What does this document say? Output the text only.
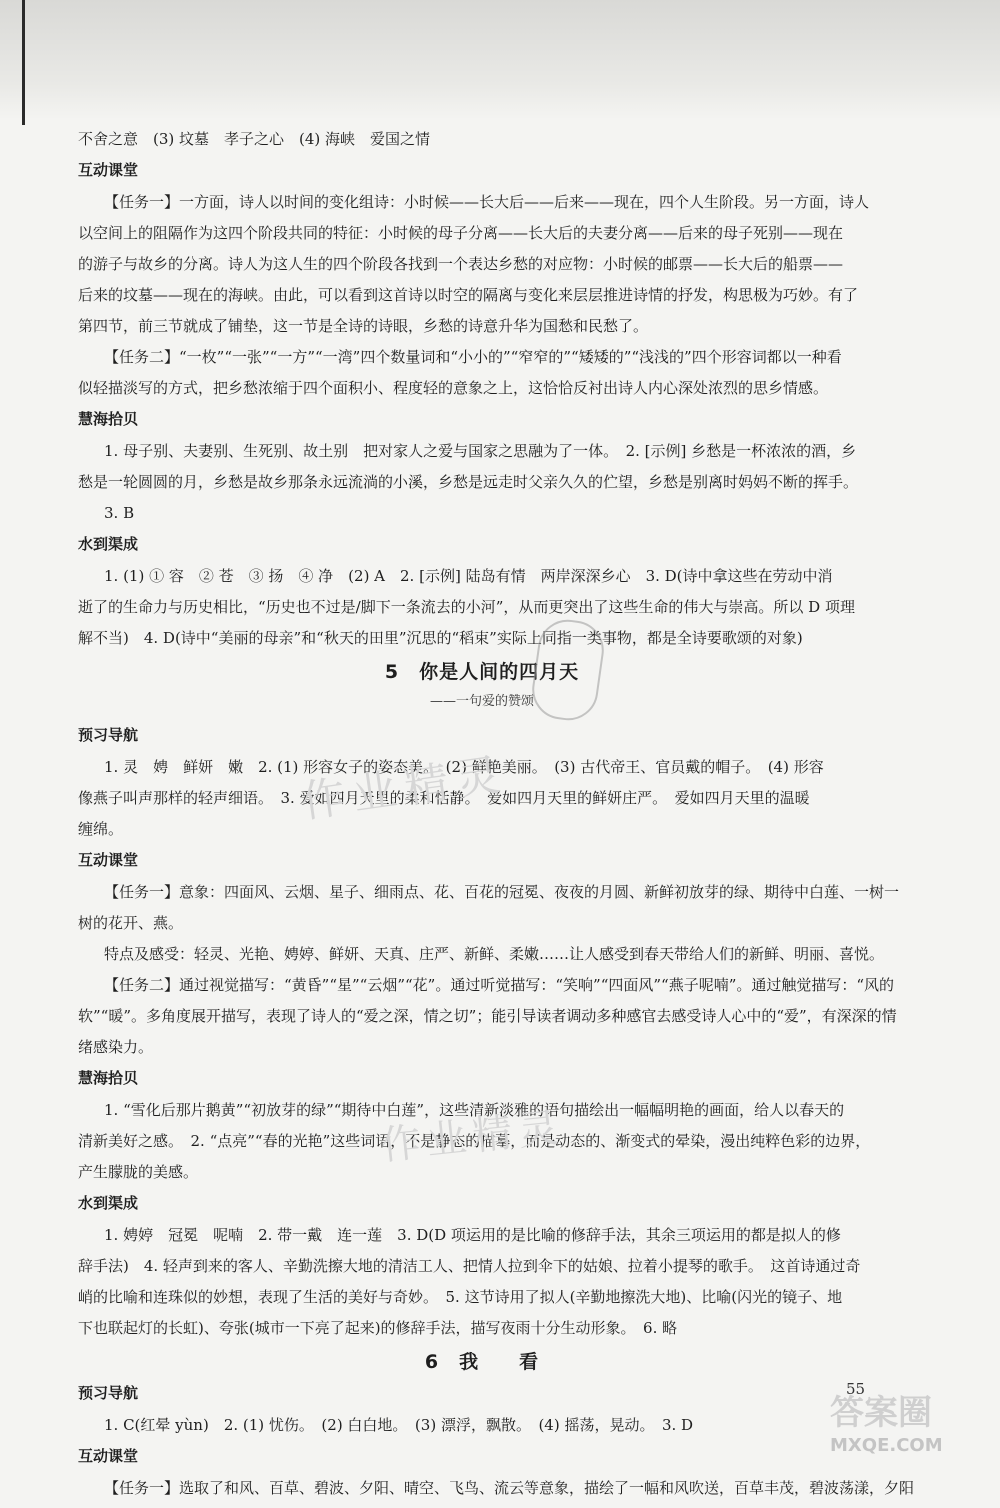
不舍之意　(3) 坟墓　孝子之心　(4) 海峡　爱国之情
互动课堂
【任务一】一方面，诗人以时间的变化组诗：小时候——长大后——后来——现在，四个人生阶段。另一方面，诗人
以空间上的阻隔作为这四个阶段共同的特征：小时候的母子分离——长大后的夫妻分离——后来的母子死别——现在
的游子与故乡的分离。诗人为这人生的四个阶段各找到一个表达乡愁的对应物：小时候的邮票——长大后的船票——
后来的坟墓——现在的海峡。由此，可以看到这首诗以时空的隔离与变化来层层推进诗情的抒发，构思极为巧妙。有了
第四节，前三节就成了铺垫，这一节是全诗的诗眼，乡愁的诗意升华为国愁和民愁了。
【任务二】“一枚”“一张”“一方”“一湾”四个数量词和“小小的”“窄窄的”“矮矮的”“浅浅的”四个形容词都以一种看
似轻描淡写的方式，把乡愁浓缩于四个面积小、程度轻的意象之上，这恰恰反衬出诗人内心深处浓烈的思乡情感。
慧海拾贝
1. 母子别、夫妻别、生死别、故土别　把对家人之爱与国家之思融为了一体。　2. [示例] 乡愁是一杯浓浓的酒，乡
愁是一轮圆圆的月，乡愁是故乡那条永远流淌的小溪，乡愁是远走时父亲久久的伫望，乡愁是别离时妈妈不断的挥手。
3. B
水到渠成
1. (1) ① 容　② 苍　③ 扬　④ 净　(2) A　2. [示例] 陆岛有情　两岸深深乡心　3. D(诗中拿这些在劳动中消
逝了的生命力与历史相比，“历史也不过是/脚下一条流去的小河”，从而更突出了这些生命的伟大与崇高。所以 D 项理
解不当)　4. D(诗中“美丽的母亲”和“秋天的田里”沉思的“稻束”实际上同指一类事物，都是全诗要歌颂的对象)
5　你是人间的四月天
——一句爱的赞颂
预习导航
1. 灵　娉　鲜妍　嫩　2. (1) 形容女子的姿态美。　(2) 鲜艳美丽。　(3) 古代帝王、官员戴的帽子。　(4) 形容
像燕子叫声那样的轻声细语。　3. 爱如四月天里的柔和恬静。　爱如四月天里的鲜妍庄严。　爱如四月天里的温暖
缠绵。
互动课堂
【任务一】意象：四面风、云烟、星子、细雨点、花、百花的冠冕、夜夜的月圆、新鲜初放芽的绿、期待中白莲、一树一
树的花开、燕。
特点及感受：轻灵、光艳、娉婷、鲜妍、天真、庄严、新鲜、柔嫩……让人感受到春天带给人们的新鲜、明丽、喜悦。
【任务二】通过视觉描写：“黄昏”“星”“云烟”“花”。通过听觉描写：“笑响”“四面风”“燕子呢喃”。通过触觉描写：“风的
软”“暖”。多角度展开描写，表现了诗人的“爱之深，情之切”；能引导读者调动多种感官去感受诗人心中的“爱”，有深深的情
绪感染力。
慧海拾贝
1. “雪化后那片鹅黄”“初放芽的绿”“期待中白莲”，这些清新淡雅的语句描绘出一幅幅明艳的画面，给人以春天的
清新美好之感。　2. “点亮”“春的光艳”这些词语，不是静态的描摹，而是动态的、渐变式的晕染，漫出纯粹色彩的边界，
产生朦胧的美感。
水到渠成
1. 娉婷　冠冕　呢喃　2. 带一戴　连一莲　3. D(D 项运用的是比喻的修辞手法，其余三项运用的都是拟人的修
辞手法)　4. 轻声到来的客人、辛勤洗擦大地的清洁工人、把情人拉到伞下的姑娘、拉着小提琴的歌手。　这首诗通过奇
峭的比喻和连珠似的妙想，表现了生活的美好与奇妙。　5. 这节诗用了拟人(辛勤地擦洗大地)、比喻(闪光的镜子、地
下也联起灯的长虹)、夸张(城市一下亮了起来)的修辞手法，描写夜雨十分生动形象。　6. 略
6　我　　看
预习导航
1. C(红晕 yùn)　2. (1) 忧伤。　(2) 白白地。　(3) 漂浮，飘散。　(4) 摇荡，晃动。　3. D
互动课堂
【任务一】选取了和风、百草、碧波、夕阳、晴空、飞鸟、流云等意象，描绘了一幅和风吹送，百草丰茂，碧波荡漾，夕阳
作业精灵
作业精灵
55
答案圈
MXQE.COM
